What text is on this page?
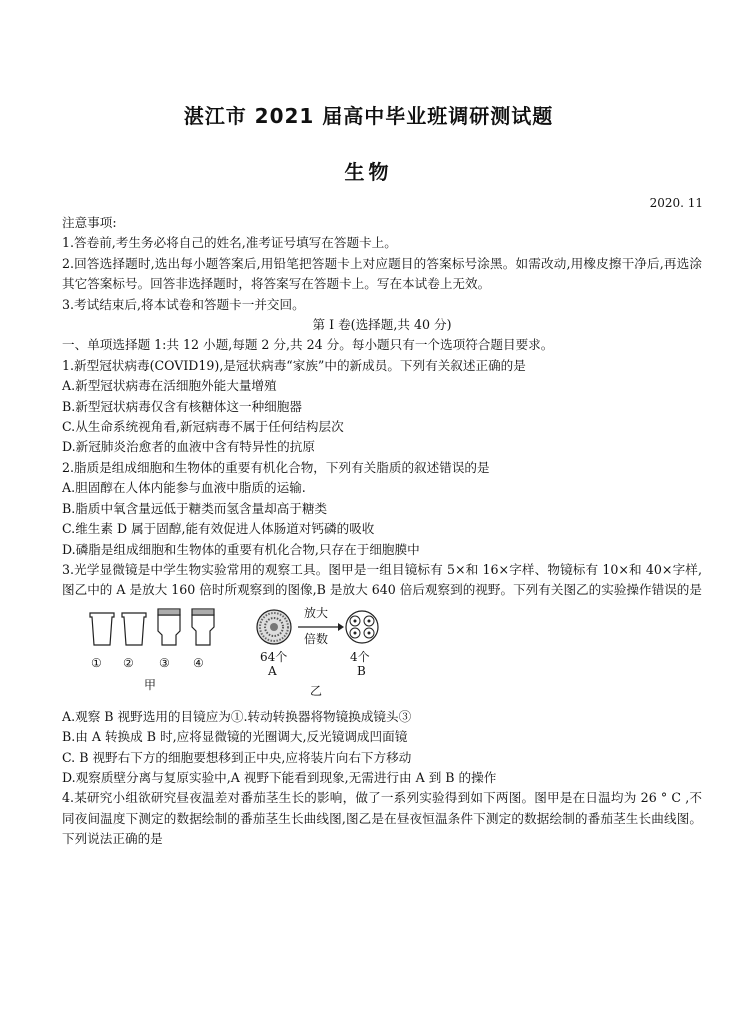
湛江市 2021 届高中毕业班调研测试题
生物
2020. 11

注意事项:

1.答卷前,考生务必将自己的姓名,准考证号填写在答题卡上。

2.回答选择题时,选出每小题答案后,用铅笔把答题卡上对应题目的答案标号涂黑。如需改动,用橡皮擦干净后,再选涂其它答案标号。回答非选择题时，将答案写在答题卡上。写在本试卷上无效。

3.考试结束后,将本试卷和答题卡一并交回。

第 I 卷(选择题,共 40 分)

一、单项选择题 1:共 12 小题,每题 2 分,共 24 分。每小题只有一个选项符合题目要求。

1.新型冠状病毒(COVID19),是冠状病毒“家族”中的新成员。下列有关叙述正确的是

A.新型冠状病毒在活细胞外能大量增殖

B.新型冠状病毒仅含有核糖体这一种细胞器

C.从生命系统视角看,新冠病毒不属于任何结构层次

D.新冠肺炎治愈者的血液中含有特异性的抗原

2.脂质是组成细胞和生物体的重要有机化合物，下列有关脂质的叙述错误的是

A.胆固醇在人体内能参与血液中脂质的运输.

B.脂质中氧含量远低于糖类而氢含量却高于糖类

C.维生素 D 属于固醇,能有效促进人体肠道对钙磷的吸收

D.磷脂是组成细胞和生物体的重要有机化合物,只存在于细胞膜中

3.光学显微镜是中学生物实验常用的观察工具。图甲是一组目镜标有 5×和 16×字样、物镜标有 10×和 40×字样,图乙中的 A 是放大 160 倍时所观察到的图像,B 是放大 640 倍后观察到的视野。下列有关图乙的实验操作错误的是

① ② ③ ④
甲
放大
倍数
64个
A
4个
B
乙

A.观察 B 视野选用的目镜应为①.转动转换器将物镜换成镜头③

B.由 A 转换成 B 时,应将显微镜的光圈调大,反光镜调成凹面镜

C. B 视野右下方的细胞要想移到正中央,应将装片向右下方移动

D.观察质壁分离与复原实验中,A 视野下能看到现象,无需进行由 A 到 B 的操作

4.某研究小组欲研究昼夜温差对番茄茎生长的影响，做了一系列实验得到如下两图。图甲是在日温均为 26 ° C ,不同夜间温度下测定的数据绘制的番茄茎生长曲线图,图乙是在昼夜恒温条件下测定的数据绘制的番茄茎生长曲线图。下列说法正确的是
